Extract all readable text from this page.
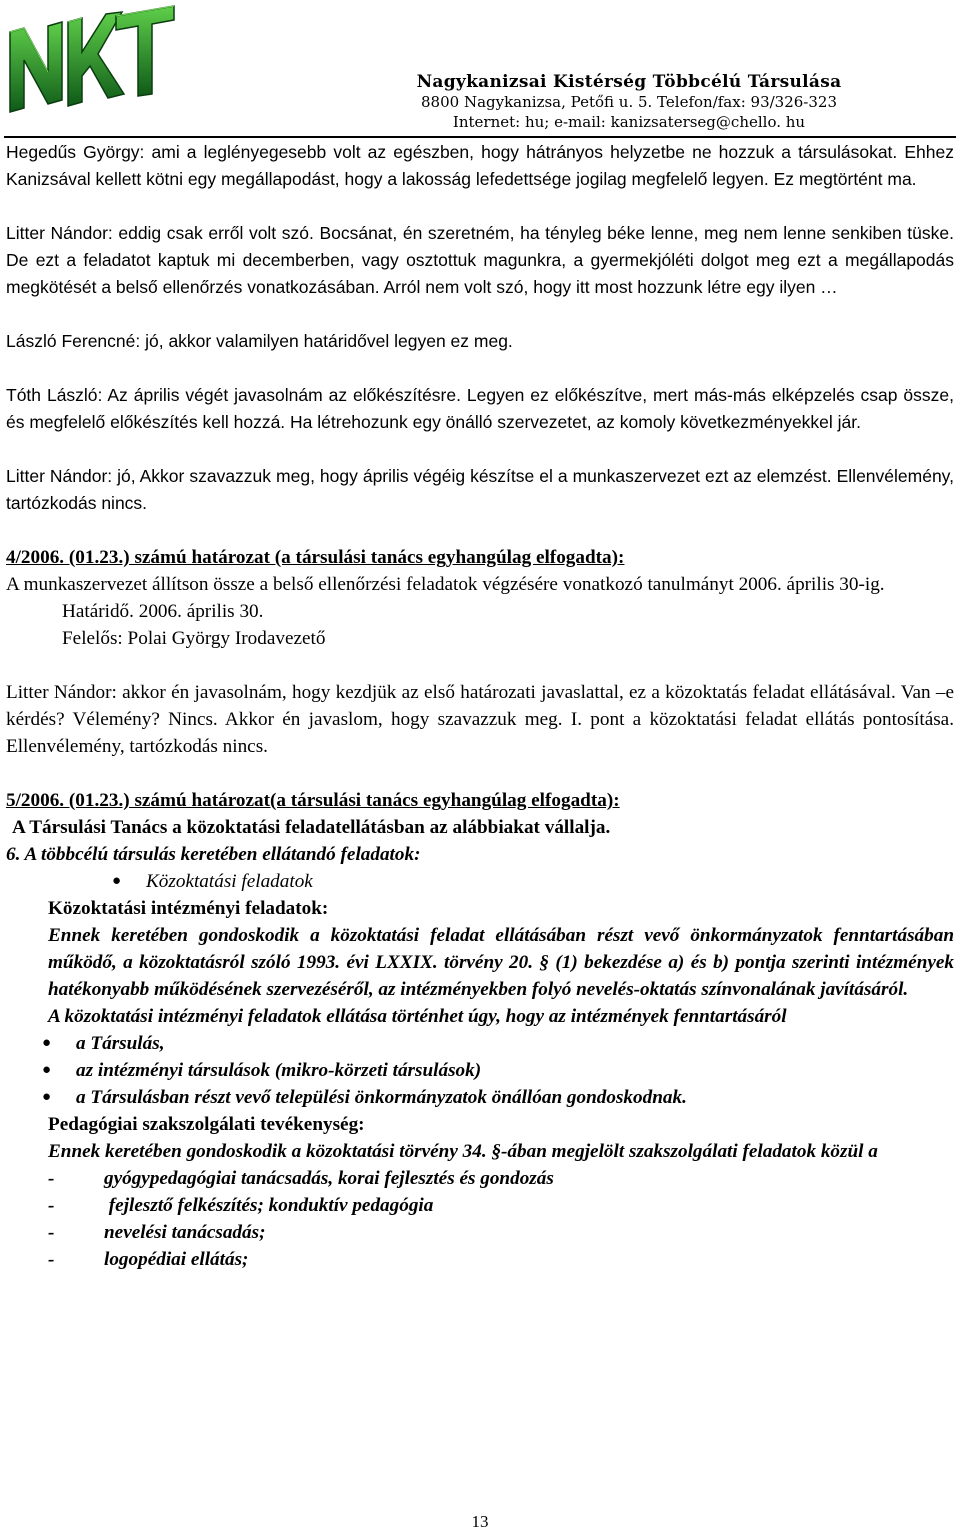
NKT	Nagykanizsai Kistérség Többcélú Társulása
8800 Nagykanizsa, Petőfi u. 5. Telefon/fax: 93/326-323
Internet: hu; e-mail: kanizsaterseg@chello. hu

Hegedűs György: ami a leglényegesebb volt az egészben, hogy hátrányos helyzetbe ne hozzuk a társulásokat. Ehhez Kanizsával kellett kötni egy megállapodást, hogy a lakosság lefedettsége jogilag megfelelő legyen. Ez megtörtént ma.

Litter Nándor: eddig csak erről volt szó. Bocsánat, én szeretném, ha tényleg béke lenne, meg nem lenne senkiben tüske. De ezt a feladatot kaptuk mi decemberben, vagy osztottuk magunkra, a gyermekjóléti dolgot meg ezt a megállapodás megkötését a belső ellenőrzés vonatkozásában. Arról nem volt szó, hogy itt most hozzunk létre egy ilyen …

László Ferencné: jó, akkor valamilyen határidővel legyen ez meg.

Tóth László: Az április végét javasolnám az előkészítésre. Legyen ez előkészítve, mert más-más elképzelés csap össze, és megfelelő előkészítés kell hozzá. Ha létrehozunk egy önálló szervezetet, az komoly következményekkel jár.

Litter Nándor: jó, Akkor szavazzuk meg, hogy április végéig készítse el a munkaszervezet ezt az elemzést. Ellenvélemény, tartózkodás nincs.

4/2006. (01.23.) számú határozat (a társulási tanács egyhangúlag elfogadta):

A munkaszervezet állítson össze a belső ellenőrzési feladatok végzésére vonatkozó tanulmányt 2006. április 30-ig.

Határidő. 2006. április 30.

Felelős: Polai György Irodavezető

Litter Nándor: akkor én javasolnám, hogy kezdjük az első határozati javaslattal, ez a közoktatás feladat ellátásával. Van –e kérdés? Vélemény? Nincs. Akkor én javaslom, hogy szavazzuk meg. I. pont a közoktatási feladat ellátás pontosítása. Ellenvélemény, tartózkodás nincs.

5/2006. (01.23.) számú határozat(a társulási tanács egyhangúlag elfogadta):

A Társulási Tanács a közoktatási feladatellátásban az alábbiakat vállalja.

6. A többcélú társulás keretében ellátandó feladatok:

● Közoktatási feladatok

Közoktatási intézményi feladatok:

Ennek keretében gondoskodik a közoktatási feladat ellátásában részt vevő önkormányzatok fenntartásában működő, a közoktatásról szóló 1993. évi LXXIX. törvény 20. § (1) bekezdése a) és b) pontja szerinti intézmények hatékonyabb működésének szervezéséről, az intézményekben folyó nevelés-oktatás színvonalának javításáról.

A közoktatási intézményi feladatok ellátása történhet úgy, hogy az intézmények fenntartásáról

● a Társulás,

● az intézményi társulások (mikro-körzeti társulások)

● a Társulásban részt vevő települési önkormányzatok önállóan gondoskodnak.

Pedagógiai szakszolgálati tevékenység:

Ennek keretében gondoskodik a közoktatási törvény 34. §-ában megjelölt szakszolgálati feladatok közül a

-	gyógypedagógiai tanácsadás, korai fejlesztés és gondozás

-	fejlesztő felkészítés; konduktív pedagógia

-	nevelési tanácsadás;

-	logopédiai ellátás;

13
